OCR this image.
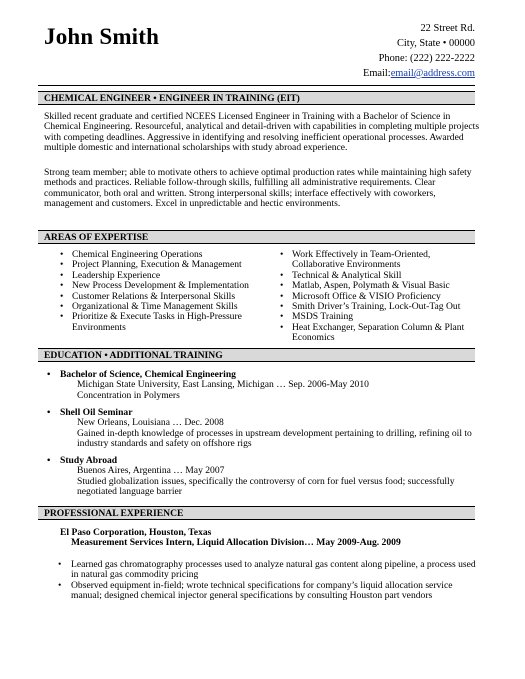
John Smith	22 Street Rd.
City, State • 00000
Phone: (222) 222-2222
Email:email@address.com
CHEMICAL ENGINEER • ENGINEER IN TRAINING (EIT)

Skilled recent graduate and certified NCEES Licensed Engineer in Training with a Bachelor of Science in Chemical Engineering. Resourceful, analytical and detail-driven with capabilities in completing multiple projects with competing deadlines. Aggressive in identifying and resolving inefficient operational processes. Awarded multiple domestic and international scholarships with study abroad experience.

Strong team member; able to motivate others to achieve optimal production rates while maintaining high safety methods and practices. Reliable follow-through skills, fulfilling all administrative requirements. Clear communicator, both oral and written. Strong interpersonal skills; interface effectively with coworkers, management and customers. Excel in unpredictable and hectic environments.

AREAS OF EXPERTISE
• Chemical Engineering Operations
• Project Planning, Execution & Management
• Leadership Experience
• New Process Development & Implementation
• Customer Relations & Interpersonal Skills
• Organizational & Time Management Skills
• Prioritize & Execute Tasks in High-Pressure Environments
• Work Effectively in Team-Oriented, Collaborative Environments
• Technical & Analytical Skill
• Matlab, Aspen, Polymath & Visual Basic
• Microsoft Office & VISIO Proficiency
• Smith Driver’s Training, Lock-Out-Tag Out
• MSDS Training
• Heat Exchanger, Separation Column & Plant Economics
EDUCATION • ADDITIONAL TRAINING
• Bachelor of Science, Chemical Engineering
Michigan State University, East Lansing, Michigan … Sep. 2006-May 2010
Concentration in Polymers
• Shell Oil Seminar
New Orleans, Louisiana … Dec. 2008
Gained in-depth knowledge of processes in upstream development pertaining to drilling, refining oil to industry standards and safety on offshore rigs
• Study Abroad
Buenos Aires, Argentina … May 2007
Studied globalization issues, specifically the controversy of corn for fuel versus food; successfully negotiated language barrier
PROFESSIONAL EXPERIENCE
El Paso Corporation, Houston, Texas
Measurement Services Intern, Liquid Allocation Division… May 2009-Aug. 2009
• Learned gas chromatography processes used to analyze natural gas content along pipeline, a process used in natural gas commodity pricing
• Observed equipment in-field; wrote technical specifications for company’s liquid allocation service manual; designed chemical injector general specifications by consulting Houston part vendors
